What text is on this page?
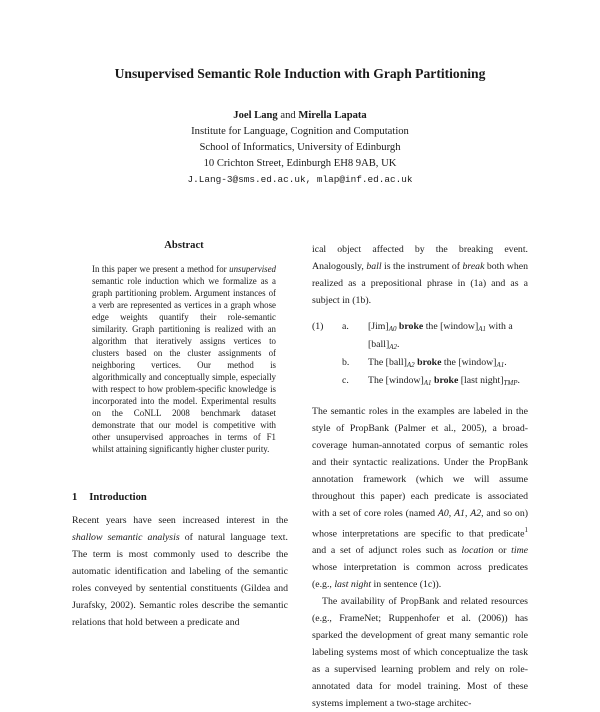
Unsupervised Semantic Role Induction with Graph Partitioning
Joel Lang and Mirella Lapata
Institute for Language, Cognition and Computation
School of Informatics, University of Edinburgh
10 Crichton Street, Edinburgh EH8 9AB, UK
J.Lang-3@sms.ed.ac.uk, mlap@inf.ed.ac.uk
Abstract
In this paper we present a method for unsupervised semantic role induction which we formalize as a graph partitioning problem. Argument instances of a verb are represented as vertices in a graph whose edge weights quantify their role-semantic similarity. Graph partitioning is realized with an algorithm that iteratively assigns vertices to clusters based on the cluster assignments of neighboring vertices. Our method is algorithmically and conceptually simple, especially with respect to how problem-specific knowledge is incorporated into the model. Experimental results on the CoNLL 2008 benchmark dataset demonstrate that our model is competitive with other unsupervised approaches in terms of F1 whilst attaining significantly higher cluster purity.
1 Introduction
Recent years have seen increased interest in the shallow semantic analysis of natural language text. The term is most commonly used to describe the automatic identification and labeling of the semantic roles conveyed by sentential constituents (Gildea and Jurafsky, 2002). Semantic roles describe the semantic relations that hold between a predicate and

ical object affected by the breaking event. Analogously, ball is the instrument of break both when realized as a prepositional phrase in (1a) and as a subject in (1b).

(1)	a.	$[Jim]_{A0}$ broke the $[window]_{A1}$ with a $[ball]_{A2}$.
b.	The $[ball]_{A2}$ broke the $[window]_{A1}$.
c.	The $[window]_{A1}$ broke [last $night]_{TMP}$.

The semantic roles in the examples are labeled in the style of PropBank (Palmer et al., 2005), a broad-coverage human-annotated corpus of semantic roles and their syntactic realizations. Under the PropBank annotation framework (which we will assume throughout this paper) each predicate is associated with a set of core roles (named A0, A1, A2, and so on) whose interpretations are specific to that predicate$^1$ and a set of adjunct roles such as location or time whose interpretation is common across predicates (e.g., last night in sentence (1c)).

The availability of PropBank and related resources (e.g., FrameNet; Ruppenhofer et al. (2006)) has sparked the development of great many semantic role labeling systems most of which conceptualize the task as a supervised learning problem and rely on role-annotated data for model training. Most of these systems implement a two-stage architec-
